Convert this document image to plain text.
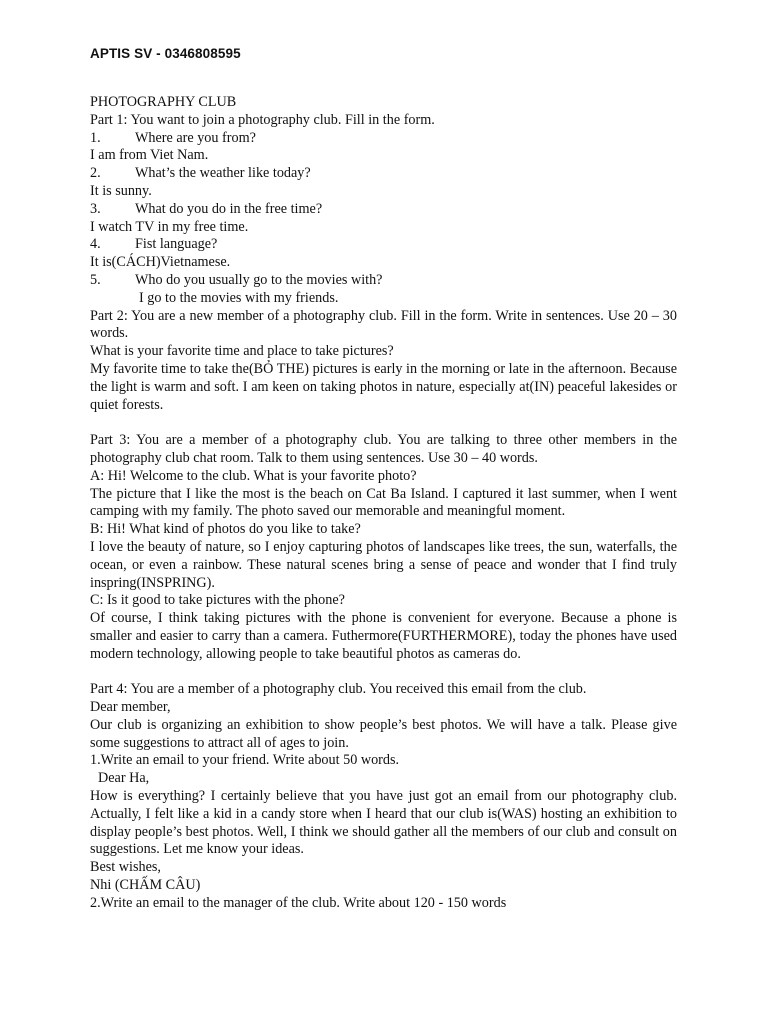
APTIS SV - 0346808595

PHOTOGRAPHY CLUB

Part 1: You want to join a photography club. Fill in the form.

1. Where are you from?

I am from Viet Nam.

2. What’s the weather like today?

It is sunny.

3. What do you do in the free time?

I watch TV in my free time.

4. Fist language?

It is(CÁCH)Vietnamese.

5. Who do you usually go to the movies with?

I go to the movies with my friends.

Part 2: You are a new member of a photography club. Fill in the form. Write in sentences. Use 20 – 30 words.

What is your favorite time and place to take pictures?

My favorite time to take the(BỎ THE) pictures is early in the morning or late in the afternoon. Because the light is warm and soft. I am keen on taking photos in nature, especially at(IN) peaceful lakesides or quiet forests.

Part 3: You are a member of a photography club. You are talking to three other members in the photography club chat room. Talk to them using sentences. Use 30 – 40 words.

A: Hi! Welcome to the club. What is your favorite photo?

The picture that I like the most is the beach on Cat Ba Island. I captured it last summer, when I went camping with my family. The photo saved our memorable and meaningful moment.

B: Hi! What kind of photos do you like to take?

I love the beauty of nature, so I enjoy capturing photos of landscapes like trees, the sun, waterfalls, the ocean, or even a rainbow. These natural scenes bring a sense of peace and wonder that I find truly inspring(INSPRING).

C: Is it good to take pictures with the phone?

Of course, I think taking pictures with the phone is convenient for everyone. Because a phone is smaller and easier to carry than a camera. Futhermore(FURTHERMORE), today the phones have used modern technology, allowing people to take beautiful photos as cameras do.

Part 4: You are a member of a photography club. You received this email from the club.

Dear member,

Our club is organizing an exhibition to show people’s best photos. We will have a talk. Please give some suggestions to attract all of ages to join.

1.Write an email to your friend. Write about 50 words.

Dear Ha,

How is everything? I certainly believe that you have just got an email from our photography club. Actually, I felt like a kid in a candy store when I heard that our club is(WAS) hosting an exhibition to display people’s best photos. Well, I think we should gather all the members of our club and consult on suggestions. Let me know your ideas.

Best wishes,

Nhi (CHẤM CÂU)

2.Write an email to the manager of the club. Write about 120 - 150 words
